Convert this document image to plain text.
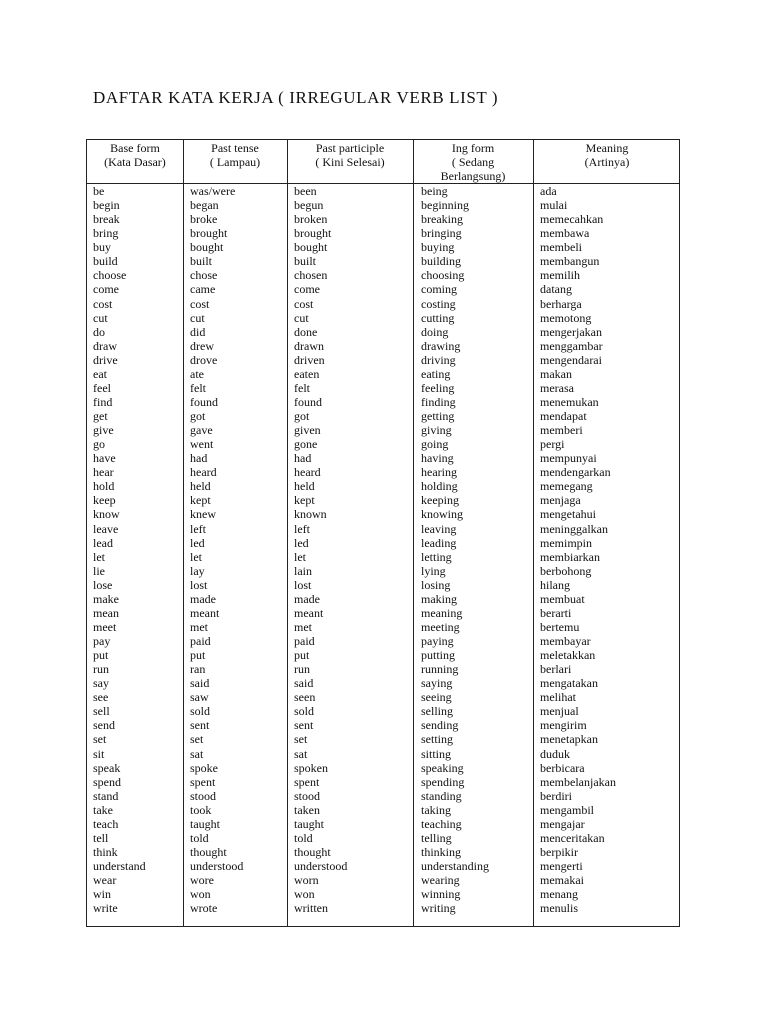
DAFTAR KATA KERJA ( IRREGULAR VERB LIST )
Base form
(Kata Dasar)
Past tense
( Lampau)
Past participle
( Kini Selesai)
Ing form
( Sedang
Berlangsung)
Meaning
(Artinya)
be
begin
break
bring
buy
build
choose
come
cost
cut
do
draw
drive
eat
feel
find
get
give
go
have
hear
hold
keep
know
leave
lead
let
lie
lose
make
mean
meet
pay
put
run
say
see
sell
send
set
sit
speak
spend
stand
take
teach
tell
think
understand
wear
win
write
was/were
began
broke
brought
bought
built
chose
came
cost
cut
did
drew
drove
ate
felt
found
got
gave
went
had
heard
held
kept
knew
left
led
let
lay
lost
made
meant
met
paid
put
ran
said
saw
sold
sent
set
sat
spoke
spent
stood
took
taught
told
thought
understood
wore
won
wrote
been
begun
broken
brought
bought
built
chosen
come
cost
cut
done
drawn
driven
eaten
felt
found
got
given
gone
had
heard
held
kept
known
left
led
let
lain
lost
made
meant
met
paid
put
run
said
seen
sold
sent
set
sat
spoken
spent
stood
taken
taught
told
thought
understood
worn
won
written
being
beginning
breaking
bringing
buying
building
choosing
coming
costing
cutting
doing
drawing
driving
eating
feeling
finding
getting
giving
going
having
hearing
holding
keeping
knowing
leaving
leading
letting
lying
losing
making
meaning
meeting
paying
putting
running
saying
seeing
selling
sending
setting
sitting
speaking
spending
standing
taking
teaching
telling
thinking
understanding
wearing
winning
writing
ada
mulai
memecahkan
membawa
membeli
membangun
memilih
datang
berharga
memotong
mengerjakan
menggambar
mengendarai
makan
merasa
menemukan
mendapat
memberi
pergi
mempunyai
mendengarkan
memegang
menjaga
mengetahui
meninggalkan
memimpin
membiarkan
berbohong
hilang
membuat
berarti
bertemu
membayar
meletakkan
berlari
mengatakan
melihat
menjual
mengirim
menetapkan
duduk
berbicara
membelanjakan
berdiri
mengambil
mengajar
menceritakan
berpikir
mengerti
memakai
menang
menulis
